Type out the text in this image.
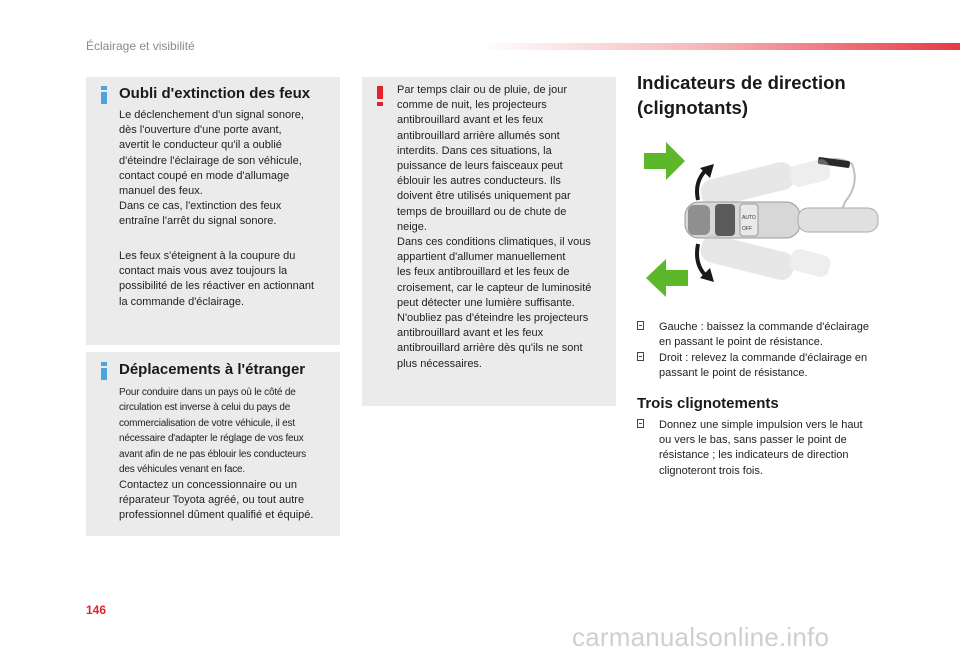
Éclairage et visibilité
Oubli d'extinction des feux

Le déclenchement d'un signal sonore,
dès l'ouverture d'une porte avant,
avertit le conducteur qu'il a oublié
d'éteindre l'éclairage de son véhicule,
contact coupé en mode d'allumage
manuel des feux.
Dans ce cas, l'extinction des feux
entraîne l'arrêt du signal sonore.

Les feux s'éteignent à la coupure du
contact mais vous avez toujours la
possibilité de les réactiver en actionnant
la commande d'éclairage.

Déplacements à l'étranger

Pour conduire dans un pays où le côté de
circulation est inverse à celui du pays de
commercialisation de votre véhicule, il est
nécessaire d'adapter le réglage de vos feux
avant afin de ne pas éblouir les conducteurs
des véhicules venant en face.

Contactez un concessionnaire ou un
réparateur Toyota agréé, ou tout autre
professionnel dûment qualifié et équipé.

Par temps clair ou de pluie, de jour
comme de nuit, les projecteurs
antibrouillard avant et les feux
antibrouillard arrière allumés sont
interdits. Dans ces situations, la
puissance de leurs faisceaux peut
éblouir les autres conducteurs. Ils
doivent être utilisés uniquement par
temps de brouillard ou de chute de
neige.
Dans ces conditions climatiques, il vous
appartient d'allumer manuellement
les feux antibrouillard et les feux de
croisement, car le capteur de luminosité
peut détecter une lumière suffisante.
N'oubliez pas d'éteindre les projecteurs
antibrouillard avant et les feux
antibrouillard arrière dès qu'ils ne sont
plus nécessaires.

Indicateurs de direction
(clignotants)
AUTO
OFF
Gauche : baissez la commande d'éclairage
en passant le point de résistance.
Droit : relevez la commande d'éclairage en
passant le point de résistance.
Trois clignotements
Donnez une simple impulsion vers le haut
ou vers le bas, sans passer le point de
résistance ; les indicateurs de direction
clignoteront trois fois.
146
carmanualsonline.info
